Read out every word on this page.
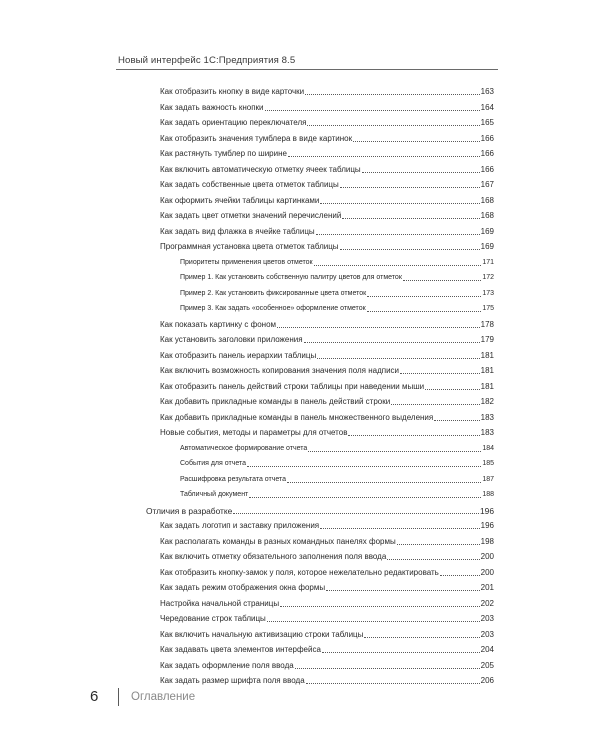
Новый интерфейс 1С:Предприятия 8.5
Как отобразить кнопку в виде карточки	163
Как задать важность кнопки	164
Как задать ориентацию переключателя	165
Как отобразить значения тумблера в виде картинок	166
Как растянуть тумблер по ширине	166
Как включить автоматическую отметку ячеек таблицы	166
Как задать собственные цвета отметок таблицы	167
Как оформить ячейки таблицы картинками	168
Как задать цвет отметки значений перечислений	168
Как задать вид флажка в ячейке таблицы	169
Программная установка цвета отметок таблицы	169
Приоритеты применения цветов отметок	171
Пример 1. Как установить собственную палитру цветов для отметок	172
Пример 2. Как установить фиксированные цвета отметок	173
Пример 3. Как задать «особенное» оформление отметок	175
Как показать картинку с фоном	178
Как установить заголовки приложения	179
Как отобразить панель иерархии таблицы	181
Как включить возможность копирования значения поля надписи	181
Как отобразить панель действий строки таблицы при наведении мыши	181
Как добавить прикладные команды в панель действий строки	182
Как добавить прикладные команды в панель множественного выделения	183
Новые события, методы и параметры для отчетов	183
Автоматическое формирование отчета	184
События для отчета	185
Расшифровка результата отчета	187
Табличный документ	188
Отличия в разработке	196
Как задать логотип и заставку приложения	196
Как располагать команды в разных командных панелях формы	198
Как включить отметку обязательного заполнения поля ввода	200
Как отобразить кнопку-замок у поля, которое нежелательно редактировать	200
Как задать режим отображения окна формы	201
Настройка начальной страницы	202
Чередование строк таблицы	203
Как включить начальную активизацию строки таблицы	203
Как задавать цвета элементов интерфейса	204
Как задать оформление поля ввода	205
Как задать размер шрифта поля ввода	206
6	Оглавление
